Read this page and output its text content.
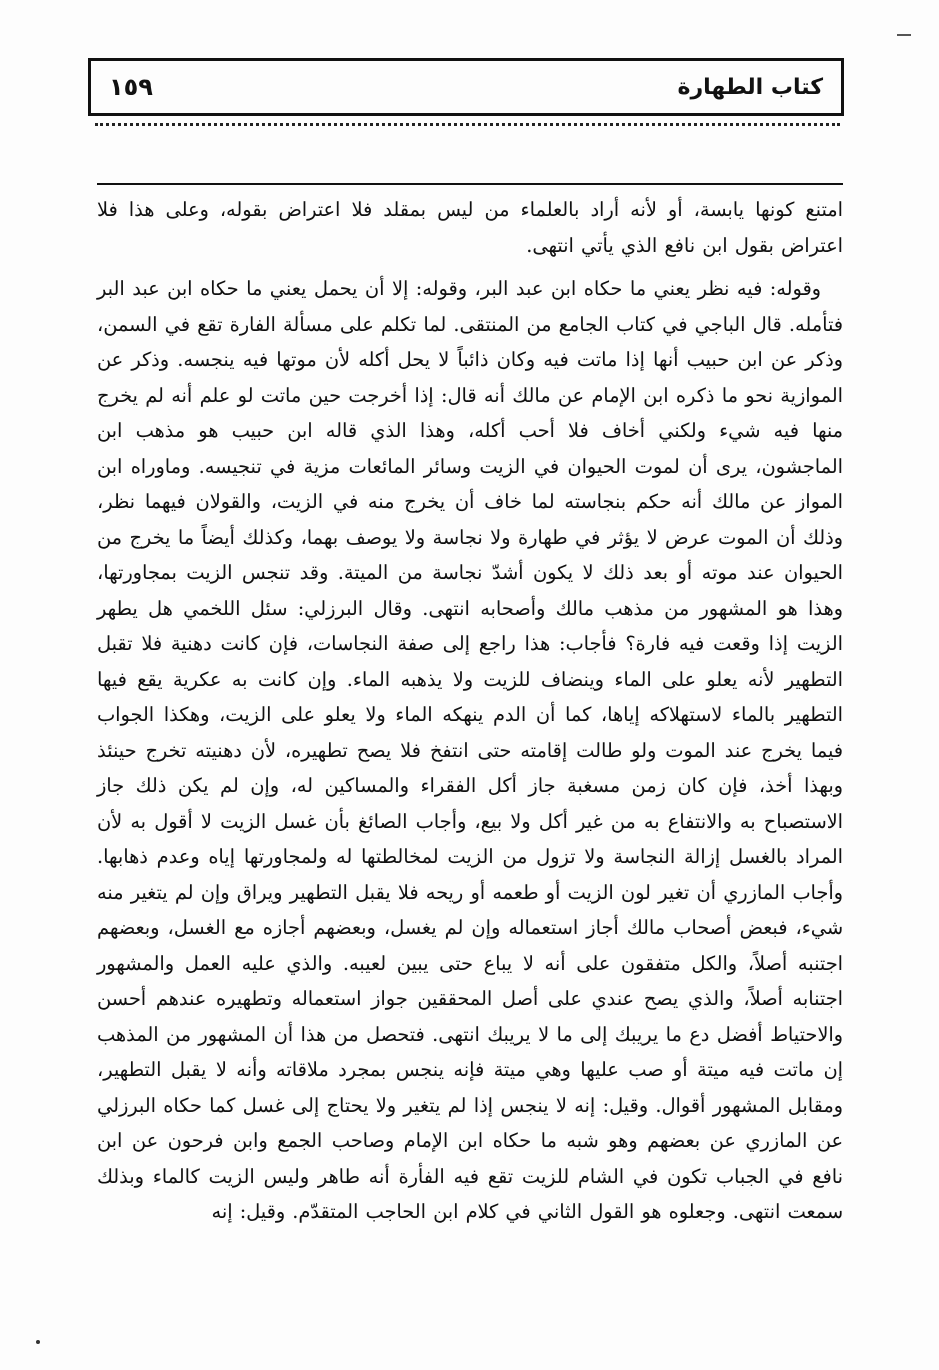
كتاب الطهارة
١٥٩

امتنع كونها يابسة، أو لأنه أراد بالعلماء من ليس بمقلد فلا اعتراض بقوله، وعلى هذا فلا اعتراض بقول ابن نافع الذي يأتي انتهى.

وقوله: فيه نظر يعني ما حكاه ابن عبد البر، وقوله: إلا أن يحمل يعني ما حكاه ابن عبد البر فتأمله. قال الباجي في كتاب الجامع من المنتقى. لما تكلم على مسألة الفارة تقع في السمن، وذكر عن ابن حبيب أنها إذا ماتت فيه وكان ذائباً لا يحل أكله لأن موتها فيه ينجسه. وذكر عن الموازية نحو ما ذكره ابن الإمام عن مالك أنه قال: إذا أخرجت حين ماتت لو علم أنه لم يخرج منها فيه شيء ولكني أخاف فلا أحب أكله، وهذا الذي قاله ابن حبيب هو مذهب ابن الماجشون، يرى أن لموت الحيوان في الزيت وسائر المائعات مزية في تنجيسه. وماوراه ابن المواز عن مالك أنه حكم بنجاسته لما خاف أن يخرج منه في الزيت، والقولان فيهما نظر، وذلك أن الموت عرض لا يؤثر في طهارة ولا نجاسة ولا يوصف بهما، وكذلك أيضاً ما يخرج من الحيوان عند موته أو بعد ذلك لا يكون أشدّ نجاسة من الميتة. وقد تنجس الزيت بمجاورتها، وهذا هو المشهور من مذهب مالك وأصحابه انتهى. وقال البرزلي: سئل اللخمي هل يطهر الزيت إذا وقعت فيه فارة؟ فأجاب: هذا راجع إلى صفة النجاسات، فإن كانت دهنية فلا تقبل التطهير لأنه يعلو على الماء وينضاف للزيت ولا يذهبه الماء. وإن كانت به عكرية يقع فيها التطهير بالماء لاستهلاكه إياها، كما أن الدم ينهكه الماء ولا يعلو على الزيت، وهكذا الجواب فيما يخرج عند الموت ولو طالت إقامته حتى انتفخ فلا يصح تطهيره، لأن دهنيته تخرج حينئذ وبهذا أخذ، فإن كان زمن مسغبة جاز أكل الفقراء والمساكين له، وإن لم يكن ذلك جاز الاستصباح به والانتفاع به من غير أكل ولا بيع، وأجاب الصائغ بأن غسل الزيت لا أقول به لأن المراد بالغسل إزالة النجاسة ولا تزول من الزيت لمخالطتها له ولمجاورتها إياه وعدم ذهابها. وأجاب المازري أن تغير لون الزيت أو طعمه أو ريحه فلا يقبل التطهير ويراق وإن لم يتغير منه شيء، فبعض أصحاب مالك أجاز استعماله وإن لم يغسل، وبعضهم أجازه مع الغسل، وبعضهم اجتنبه أصلاً، والكل متفقون على أنه لا يباع حتى يبين لعيبه. والذي عليه العمل والمشهور اجتنابه أصلاً، والذي يصح عندي على أصل المحققين جواز استعماله وتطهيره عندهم أحسن والاحتياط أفضل دع ما يريبك إلى ما لا يريبك انتهى. فتحصل من هذا أن المشهور من المذهب إن ماتت فيه ميتة أو صب عليها وهي ميتة فإنه ينجس بمجرد ملاقاته وأنه لا يقبل التطهير، ومقابل المشهور أقوال. وقيل: إنه لا ينجس إذا لم يتغير ولا يحتاج إلى غسل كما حكاه البرزلي عن المازري عن بعضهم وهو شبه ما حكاه ابن الإمام وصاحب الجمع وابن فرحون عن ابن نافع في الجباب تكون في الشام للزيت تقع فيه الفأرة أنه طاهر وليس الزيت كالماء وبذلك سمعت انتهى. وجعلوه هو القول الثاني في كلام ابن الحاجب المتقدّم. وقيل: إنه
